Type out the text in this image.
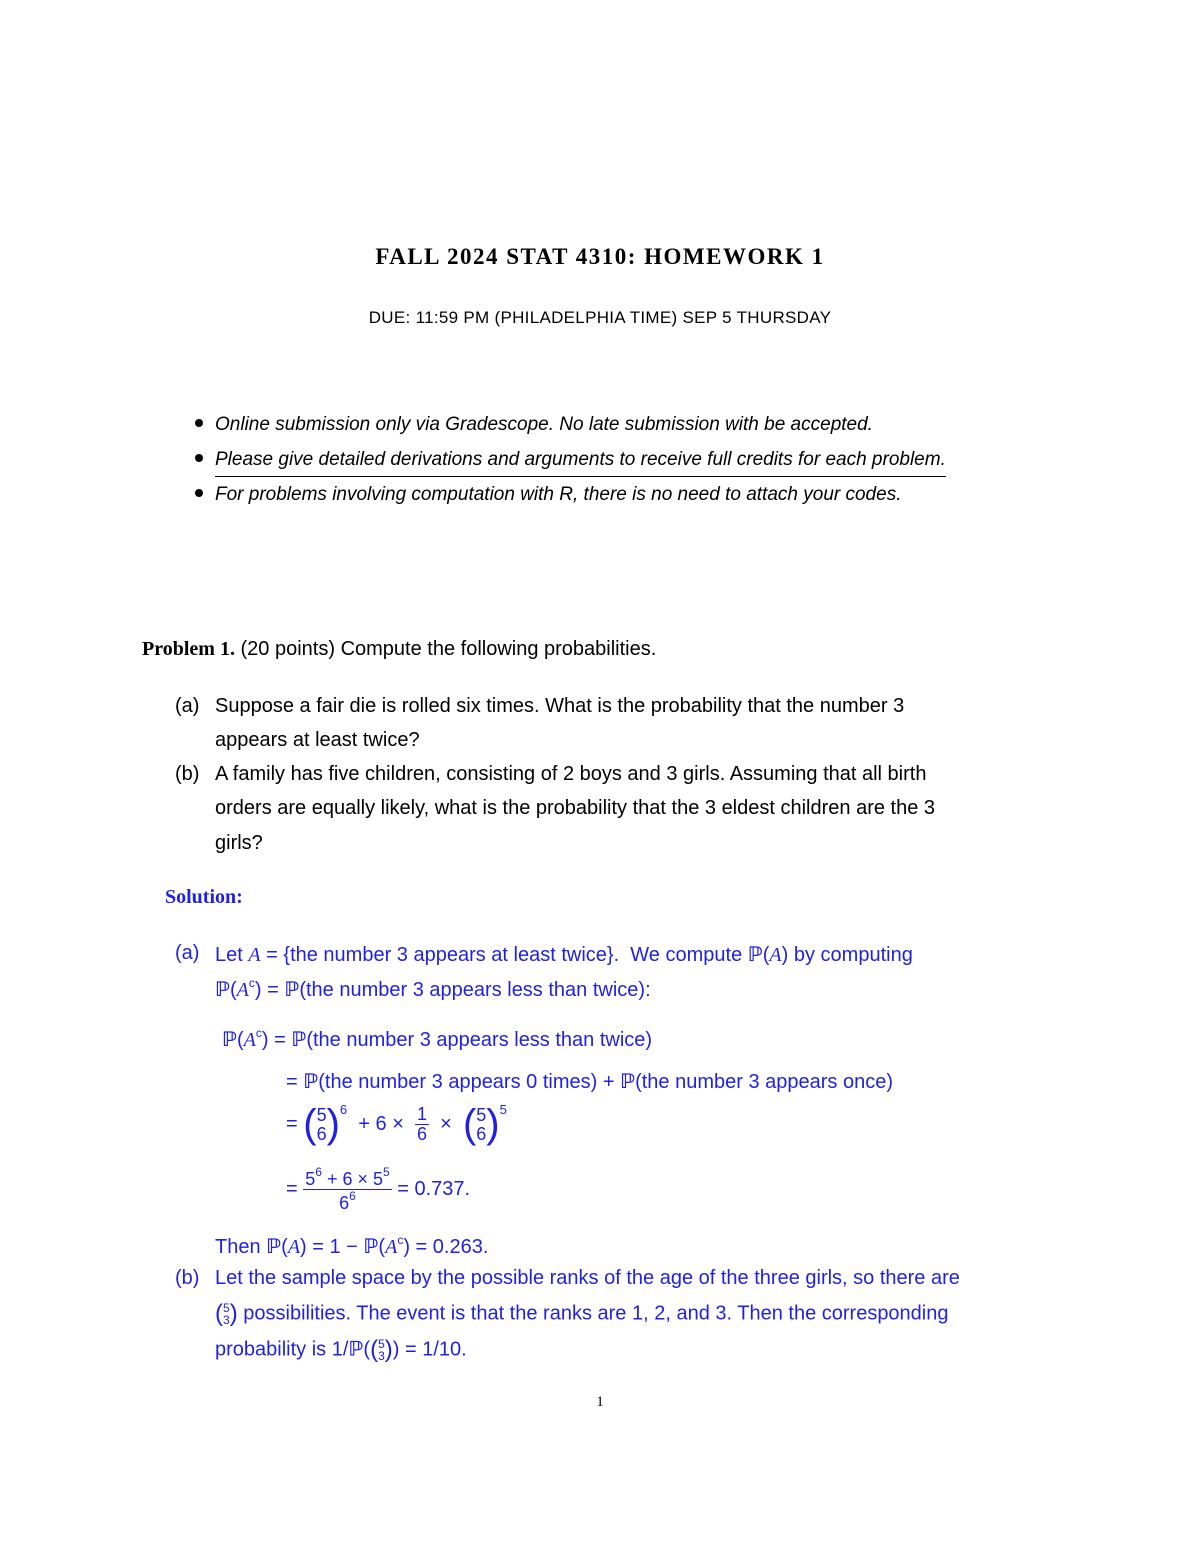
FALL 2024 STAT 4310: HOMEWORK 1
DUE: 11:59 PM (PHILADELPHIA TIME) SEP 5 THURSDAY
Online submission only via Gradescope. No late submission with be accepted.
Please give detailed derivations and arguments to receive full credits for each problem.
For problems involving computation with R, there is no need to attach your codes.
Problem 1. (20 points) Compute the following probabilities.
(a) Suppose a fair die is rolled six times. What is the probability that the number 3
appears at least twice?
(b) A family has five children, consisting of 2 boys and 3 girls. Assuming that all birth
orders are equally likely, what is the probability that the 3 eldest children are the 3
girls?
Solution:
(a) Let A = {the number 3 appears at least twice}. We compute ℙ(A) by computing
$ℙ(A^c)$ = ℙ(the number 3 appears less than twice):
$ℙ(A^c)$ = ℙ(the number 3 appears less than twice)
= ℙ(the number 3 appears 0 times) + ℙ(the number 3 appears once)
= ( 5
6 )$^6 + 6 \times \frac{1}{6}$ ×  ( 5
6 )$^5$
= $\frac{5^6 + 6 \times 5^5}{6^6} = 0.737$.
Then ℙ(A) = $1 - ℙ(A^c) = 0.263$.
(b) Let the sample space by the possible ranks of the age of the three girls, so there are
( 5
3 ) possibilities. The event is that the ranks are 1, 2, and 3. Then the corresponding
probability is 1/ℙ(( 5
3 )) = 1/10.
1
